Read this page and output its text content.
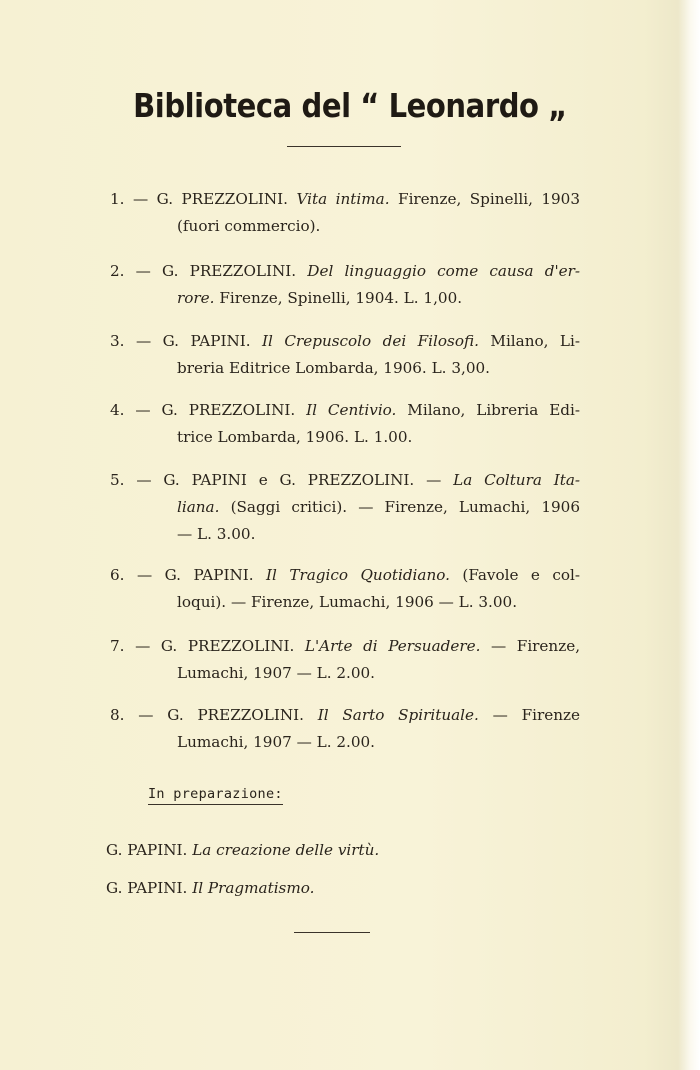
Biblioteca del “ Leonardo „
1. — G. PREZZOLINI. Vita intima. Firenze, Spinelli, 1903
(fuori commercio).
2. — G. PREZZOLINI. Del linguaggio come causa d'er-
rore. Firenze, Spinelli, 1904. L. 1,00.
3. — G. PAPINI. Il Crepuscolo dei Filosofi. Milano, Li-
breria Editrice Lombarda, 1906. L. 3,00.
4. — G. PREZZOLINI. Il Centivio. Milano, Libreria Edi-
trice Lombarda, 1906. L. 1.00.
5. — G. PAPINI e G. PREZZOLINI. — La Coltura Ita-
liana. (Saggi critici). — Firenze, Lumachi, 1906
— L. 3.00.
6. — G. PAPINI. Il Tragico Quotidiano. (Favole e col-
loqui). — Firenze, Lumachi, 1906 — L. 3.00.
7. — G. PREZZOLINI. L'Arte di Persuadere. — Firenze,
Lumachi, 1907 — L. 2.00.
8. — G. PREZZOLINI. Il Sarto Spirituale. — Firenze
Lumachi, 1907 — L. 2.00.
In preparazione:
G. PAPINI. La creazione delle virtù.
G. PAPINI. Il Pragmatismo.
